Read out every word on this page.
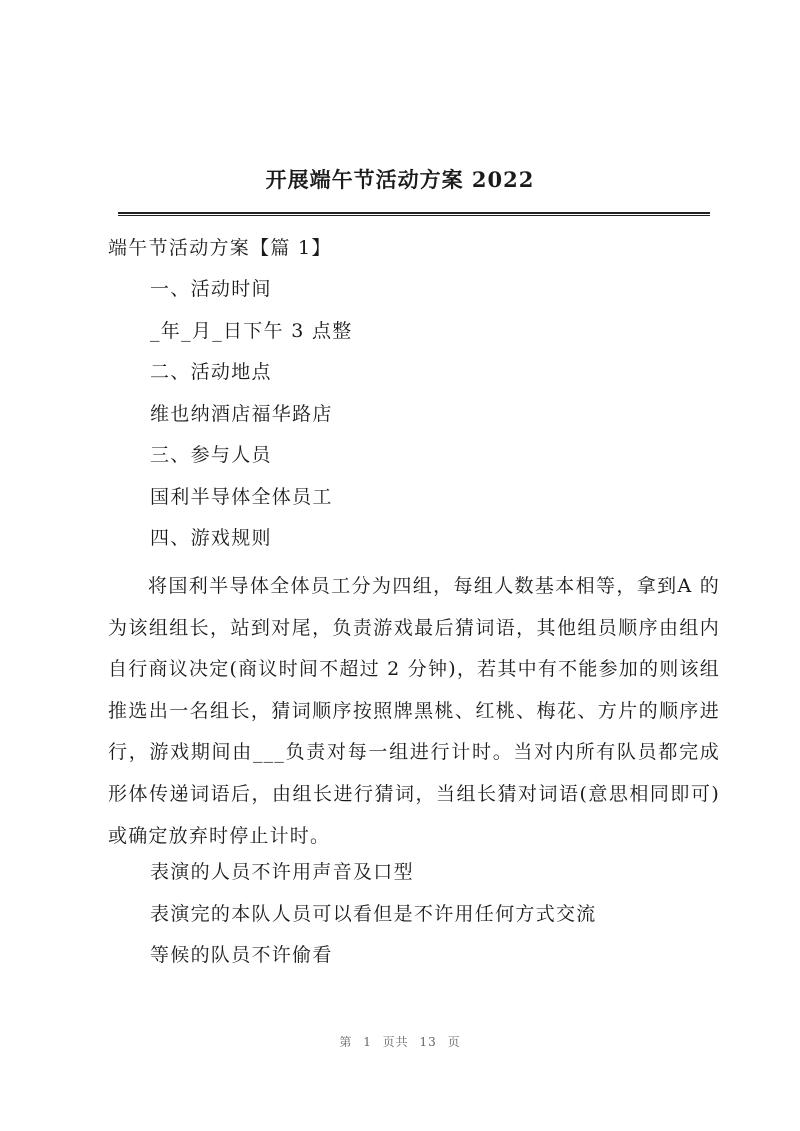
开展端午节活动方案 2022
端午节活动方案【篇 1】
一、活动时间
_年_月_日下午 3 点整
二、活动地点
维也纳酒店福华路店
三、参与人员
国利半导体全体员工
四、游戏规则
将国利半导体全体员工分为四组，每组人数基本相等，拿到A 的为该组组长，站到对尾，负责游戏最后猜词语，其他组员顺序由组内自行商议决定(商议时间不超过 2 分钟)，若其中有不能参加的则该组推选出一名组长，猜词顺序按照牌黑桃、红桃、梅花、方片的顺序进行，游戏期间由___负责对每一组进行计时。当对内所有队员都完成形体传递词语后，由组长进行猜词，当组长猜对词语(意思相同即可)或确定放弃时停止计时。
表演的人员不许用声音及口型
表演完的本队人员可以看但是不许用任何方式交流
等候的队员不许偷看
第 1 页共 13 页
